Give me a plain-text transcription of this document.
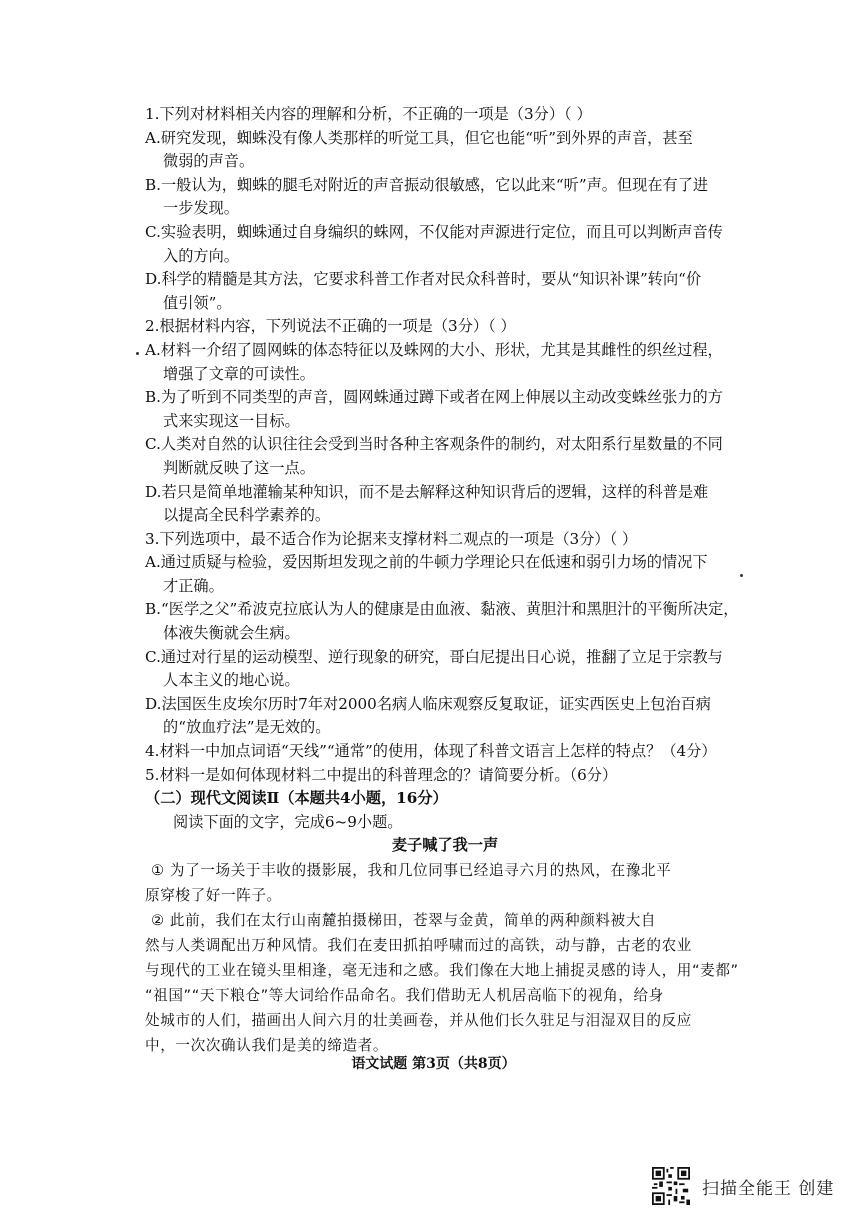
1.下列对材料相关内容的理解和分析，不正确的一项是（3分）（ ）
A.研究发现，蜘蛛没有像人类那样的听觉工具，但它也能“听”到外界的声音，甚至
微弱的声音。
B.一般认为，蜘蛛的腿毛对附近的声音振动很敏感，它以此来“听”声。但现在有了进
一步发现。
C.实验表明，蜘蛛通过自身编织的蛛网，不仅能对声源进行定位，而且可以判断声音传
入的方向。
D.科学的精髓是其方法，它要求科普工作者对民众科普时，要从“知识补课”转向“价
值引领”。
2.根据材料内容，下列说法不正确的一项是（3分）（ ）
A.材料一介绍了圆网蛛的体态特征以及蛛网的大小、形状，尤其是其雌性的织丝过程，
增强了文章的可读性。
B.为了听到不同类型的声音，圆网蛛通过蹲下或者在网上伸展以主动改变蛛丝张力的方
式来实现这一目标。
C.人类对自然的认识往往会受到当时各种主客观条件的制约，对太阳系行星数量的不同
判断就反映了这一点。
D.若只是简单地灌输某种知识，而不是去解释这种知识背后的逻辑，这样的科普是难
以提高全民科学素养的。
3.下列选项中，最不适合作为论据来支撑材料二观点的一项是（3分）（ ）
A.通过质疑与检验，爱因斯坦发现之前的牛顿力学理论只在低速和弱引力场的情况下
才正确。
B.“医学之父”希波克拉底认为人的健康是由血液、黏液、黄胆汁和黑胆汁的平衡所决定，
体液失衡就会生病。
C.通过对行星的运动模型、逆行现象的研究，哥白尼提出日心说，推翻了立足于宗教与
人本主义的地心说。
D.法国医生皮埃尔历时7年对2000名病人临床观察反复取证，证实西医史上包治百病
的“放血疗法”是无效的。
4.材料一中加点词语“天线”“通常”的使用，体现了科普文语言上怎样的特点？（4分）
5.材料一是如何体现材料二中提出的科普理念的？请简要分析。（6分）
（二）现代文阅读Ⅱ（本题共4小题，16分）
阅读下面的文字，完成6~9小题。
麦子喊了我一声
① 为了一场关于丰收的摄影展，我和几位同事已经追寻六月的热风，在豫北平
原穿梭了好一阵子。
② 此前，我们在太行山南麓拍摄梯田，苍翠与金黄，简单的两种颜料被大自
然与人类调配出万种风情。我们在麦田抓拍呼啸而过的高铁，动与静，古老的农业
与现代的工业在镜头里相逢，毫无违和之感。我们像在大地上捕捉灵感的诗人，用“麦都”
“祖国”“天下粮仓”等大词给作品命名。我们借助无人机居高临下的视角，给身
处城市的人们，描画出人间六月的壮美画卷，并从他们长久驻足与泪湿双目的反应
中，一次次确认我们是美的缔造者。
语文试题 第3页（共8页）
扫描全能王 创建
